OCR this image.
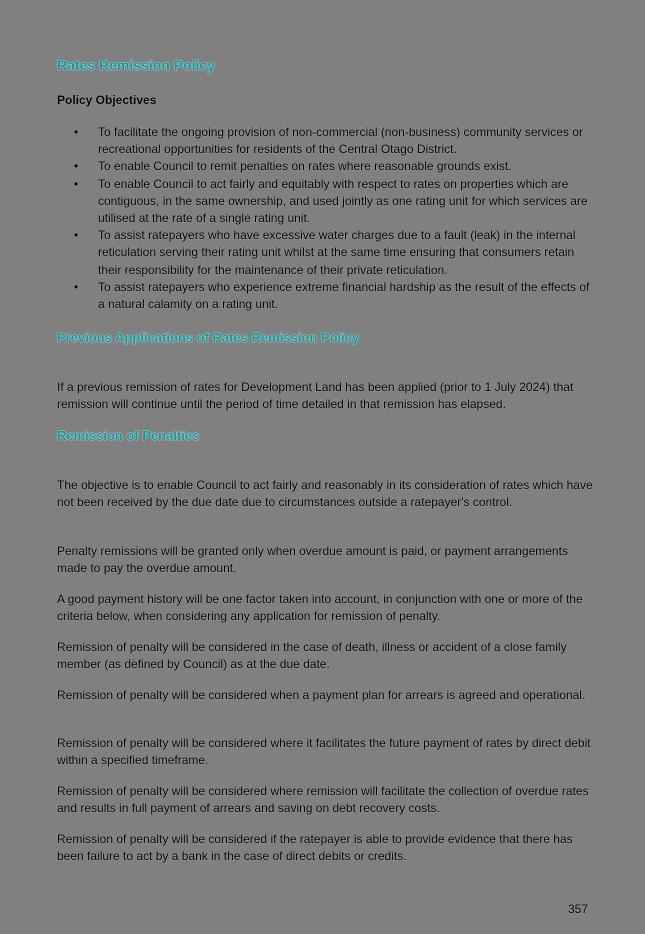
Rates Remission Policy
Policy Objectives
• To facilitate the ongoing provision of non-commercial (non-business) community services or recreational opportunities for residents of the Central Otago District.
• To enable Council to remit penalties on rates where reasonable grounds exist.
• To enable Council to act fairly and equitably with respect to rates on properties which are contiguous, in the same ownership, and used jointly as one rating unit for which services are utilised at the rate of a single rating unit.
• To assist ratepayers who have excessive water charges due to a fault (leak) in the internal reticulation serving their rating unit whilst at the same time ensuring that consumers retain their responsibility for the maintenance of their private reticulation.
• To assist ratepayers who experience extreme financial hardship as the result of the effects of a natural calamity on a rating unit.
Previous Applications of Rates Remission Policy
If a previous remission of rates for Development Land has been applied (prior to 1 July 2024) that remission will continue until the period of time detailed in that remission has elapsed.
Remission of Penalties
The objective is to enable Council to act fairly and reasonably in its consideration of rates which have not been received by the due date due to circumstances outside a ratepayer's control.
Penalty remissions will be granted only when overdue amount is paid, or payment arrangements made to pay the overdue amount.
A good payment history will be one factor taken into account, in conjunction with one or more of the criteria below, when considering any application for remission of penalty.
Remission of penalty will be considered in the case of death, illness or accident of a close family member (as defined by Council) as at the due date.
Remission of penalty will be considered when a payment plan for arrears is agreed and operational.
Remission of penalty will be considered where it facilitates the future payment of rates by direct debit within a specified timeframe.
Remission of penalty will be considered where remission will facilitate the collection of overdue rates and results in full payment of arrears and saving on debt recovery costs.
Remission of penalty will be considered if the ratepayer is able to provide evidence that there has been failure to act by a bank in the case of direct debits or credits.
357
